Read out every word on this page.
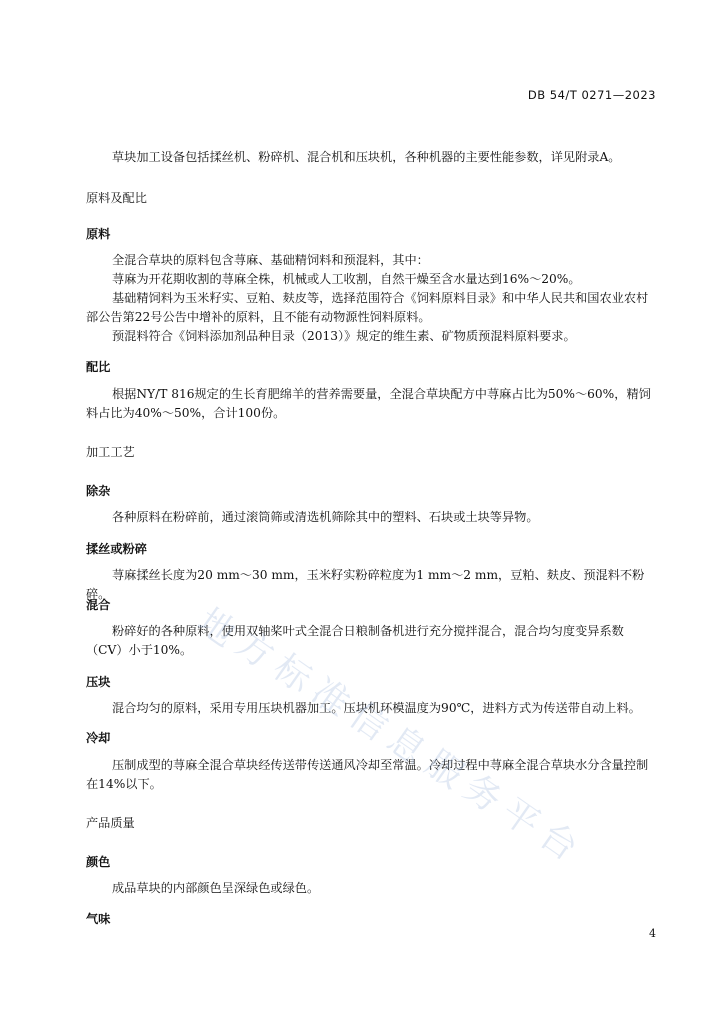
DB 54/T 0271—2023

草块加工设备包括揉丝机、粉碎机、混合机和压块机，各种机器的主要性能参数，详见附录A。

原料及配比

原料

全混合草块的原料包含荨麻、基础精饲料和预混料，其中：

荨麻为开花期收割的荨麻全株，机械或人工收割，自然干燥至含水量达到16%～20%。

基础精饲料为玉米籽实、豆粕、麸皮等，选择范围符合《饲料原料目录》和中华人民共和国农业农村部公告第22号公告中增补的原料，且不能有动物源性饲料原料。

预混料符合《饲料添加剂品种目录（2013）》规定的维生素、矿物质预混料原料要求。

配比

根据NY/T 816规定的生长育肥绵羊的营养需要量，全混合草块配方中荨麻占比为50%～60%，精饲料占比为40%～50%，合计100份。

加工工艺

除杂

各种原料在粉碎前，通过滚筒筛或清选机筛除其中的塑料、石块或土块等异物。

揉丝或粉碎

荨麻揉丝长度为20 mm～30 mm，玉米籽实粉碎粒度为1 mm～2 mm，豆粕、麸皮、预混料不粉碎。

混合

粉碎好的各种原料，使用双轴桨叶式全混合日粮制备机进行充分搅拌混合，混合均匀度变异系数（CV）小于10%。

压块

混合均匀的原料，采用专用压块机器加工。压块机环模温度为90℃，进料方式为传送带自动上料。

冷却

压制成型的荨麻全混合草块经传送带传送通风冷却至常温。冷却过程中荨麻全混合草块水分含量控制在14%以下。

产品质量

颜色

成品草块的内部颜色呈深绿色或绿色。

气味

4
地
方
标
准
信
息
服
务
平
台
